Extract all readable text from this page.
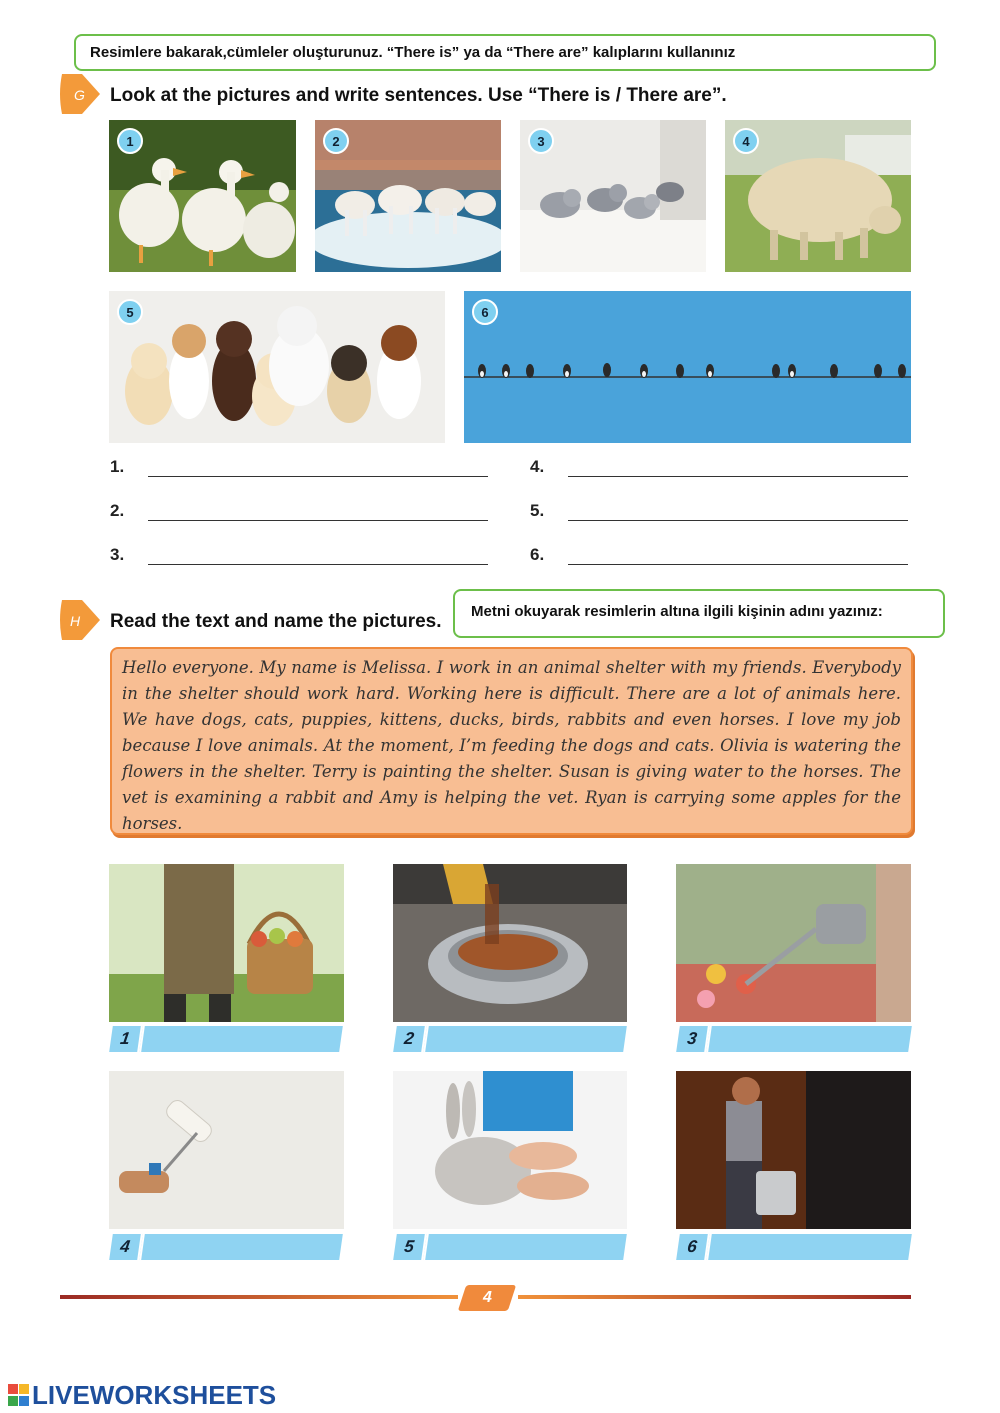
Resimlere bakarak,cümleler oluşturunuz. “There is” ya da “There are” kalıplarını kullanınız
G Look at the pictures and write sentences. Use “There is / There are”.
1	2	3	4
5	6
1.
2.
3.
4.
5.
6.
H Read the text and name the pictures. Metni okuyarak resimlerin altına ilgili kişinin adını yazınız:
Hello everyone. My name is Melissa. I work in an animal shelter with my friends. Everybody in the shelter should work hard. Working here is difficult. There are a lot of animals here. We have dogs, cats, puppies, kittens, ducks, birds, rabbits and even horses. I love my job because I love animals. At the moment, I’m feeding the dogs and cats. Olivia is watering the flowers in the shelter. Terry is painting the shelter. Susan is giving water to the horses. The vet is examining a rabbit and Amy is helping the vet. Ryan is carrying some apples for the horses.
1	2	3
4	5	6
4
LIVEWORKSHEETS
